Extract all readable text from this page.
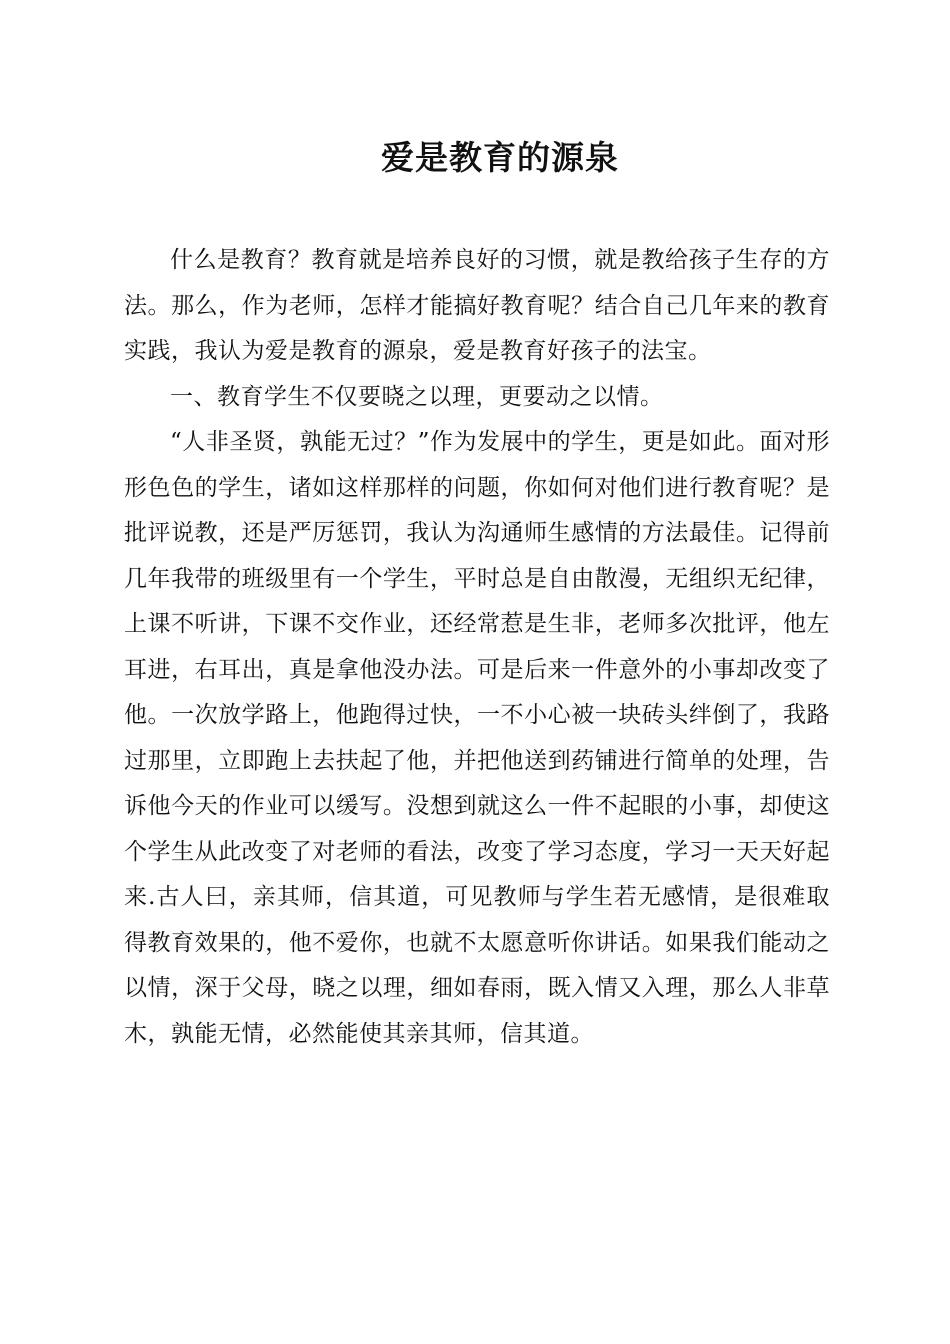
爱是教育的源泉

什么是教育？教育就是培养良好的习惯，就是教给孩子生存的方法。那么，作为老师，怎样才能搞好教育呢？结合自己几年来的教育实践，我认为爱是教育的源泉，爱是教育好孩子的法宝。

一、教育学生不仅要晓之以理，更要动之以情。

“人非圣贤，孰能无过？”作为发展中的学生，更是如此。面对形形色色的学生，诸如这样那样的问题，你如何对他们进行教育呢？是批评说教，还是严厉惩罚，我认为沟通师生感情的方法最佳。记得前几年我带的班级里有一个学生，平时总是自由散漫，无组织无纪律，上课不听讲，下课不交作业，还经常惹是生非，老师多次批评，他左耳进，右耳出，真是拿他没办法。可是后来一件意外的小事却改变了他。一次放学路上，他跑得过快，一不小心被一块砖头绊倒了，我路过那里，立即跑上去扶起了他，并把他送到药铺进行简单的处理，告诉他今天的作业可以缓写。没想到就这么一件不起眼的小事，却使这个学生从此改变了对老师的看法，改变了学习态度，学习一天天好起来.古人曰，亲其师，信其道，可见教师与学生若无感情，是很难取得教育效果的，他不爱你，也就不太愿意听你讲话。如果我们能动之以情，深于父母，晓之以理，细如春雨，既入情又入理，那么人非草木，孰能无情，必然能使其亲其师，信其道。
